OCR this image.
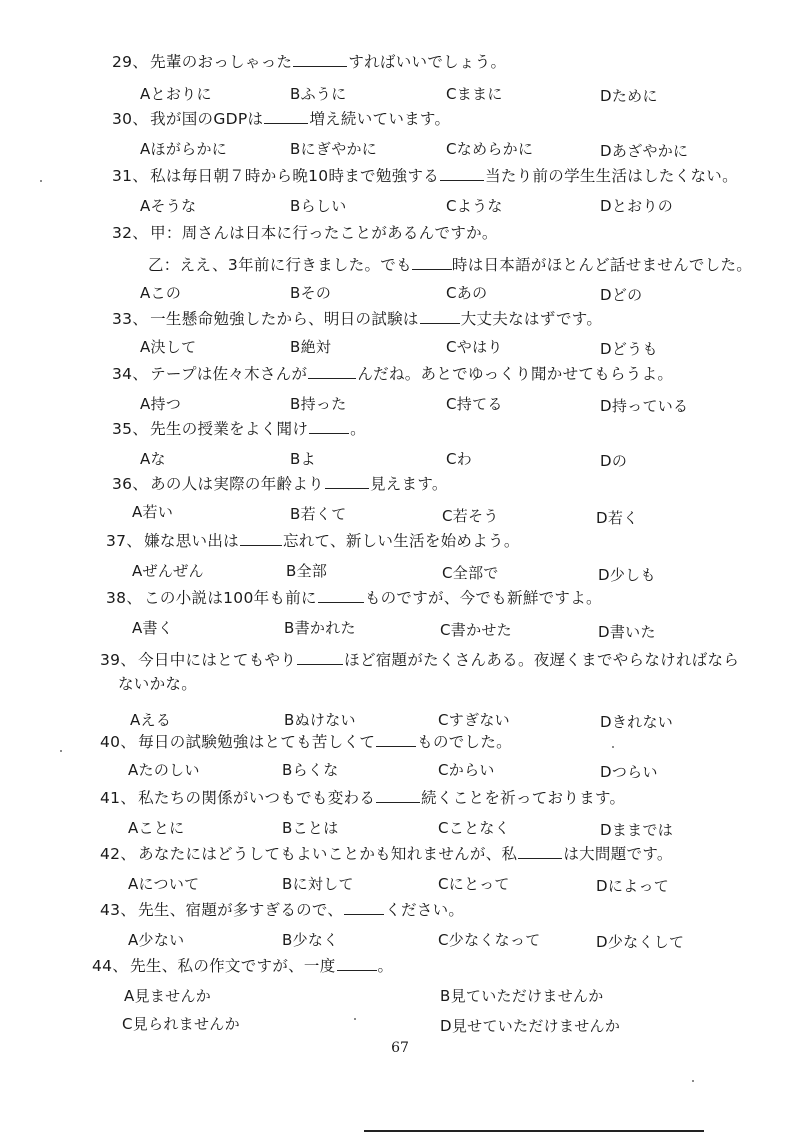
29、 先輩のおっしゃった	すればいいでしょう。
Aとおりに	Bふうに	Cままに	Dために
30、 我が国のGDPは	増え続いています。
Aほがらかに	Bにぎやかに	Cなめらかに	Dあざやかに
31、 私は毎日朝７時から晩10時まで勉強する	当たり前の学生生活はしたくない。
Aそうな	Bらしい	Cような	Dとおりの
32、 甲：周さんは日本に行ったことがあるんですか。
乙：ええ、3年前に行きました。でも	時は日本語がほとんど話せませんでした。
Aこの	Bその	Cあの	Dどの
33、 一生懸命勉強したから、明日の試験は	大丈夫なはずです。
A決して	B絶対	Cやはり	Dどうも
34、 テープは佐々木さんが	んだね。あとでゆっくり聞かせてもらうよ。
A持つ	B持った	C持てる	D持っている
35、 先生の授業をよく聞け	。
Aな	Bよ	Cわ	Dの
36、 あの人は実際の年齢より	見えます。
A若い	B若くて	C若そう	D若く
37、 嫌な思い出は	忘れて、新しい生活を始めよう。
Aぜんぜん	B全部	C全部で	D少しも
38、 この小説は100年も前に	ものですが、今でも新鮮ですよ。
A書く	B書かれた	C書かせた	D書いた
39、 今日中にはとてもやり	ほど宿題がたくさんある。夜遅くまでやらなければなら
ないかな。
Aえる	Bぬけない	Cすぎない	Dきれない
40、 毎日の試験勉強はとても苦しくて	ものでした。
Aたのしい	Bらくな	Cからい	Dつらい
41、 私たちの関係がいつもでも変わる	続くことを祈っております。
Aことに	Bことは	Cことなく	Dままでは
42、 あなたにはどうしてもよいことかも知れませんが、私	は大問題です。
Aについて	Bに対して	Cにとって	Dによって
43、 先生、宿題が多すぎるので、	ください。
A少ない	B少なく	C少なくなって	D少なくして
44、 先生、私の作文ですが、一度	。
A見ませんか	B見ていただけませんか
C見られませんか	D見せていただけませんか
67
